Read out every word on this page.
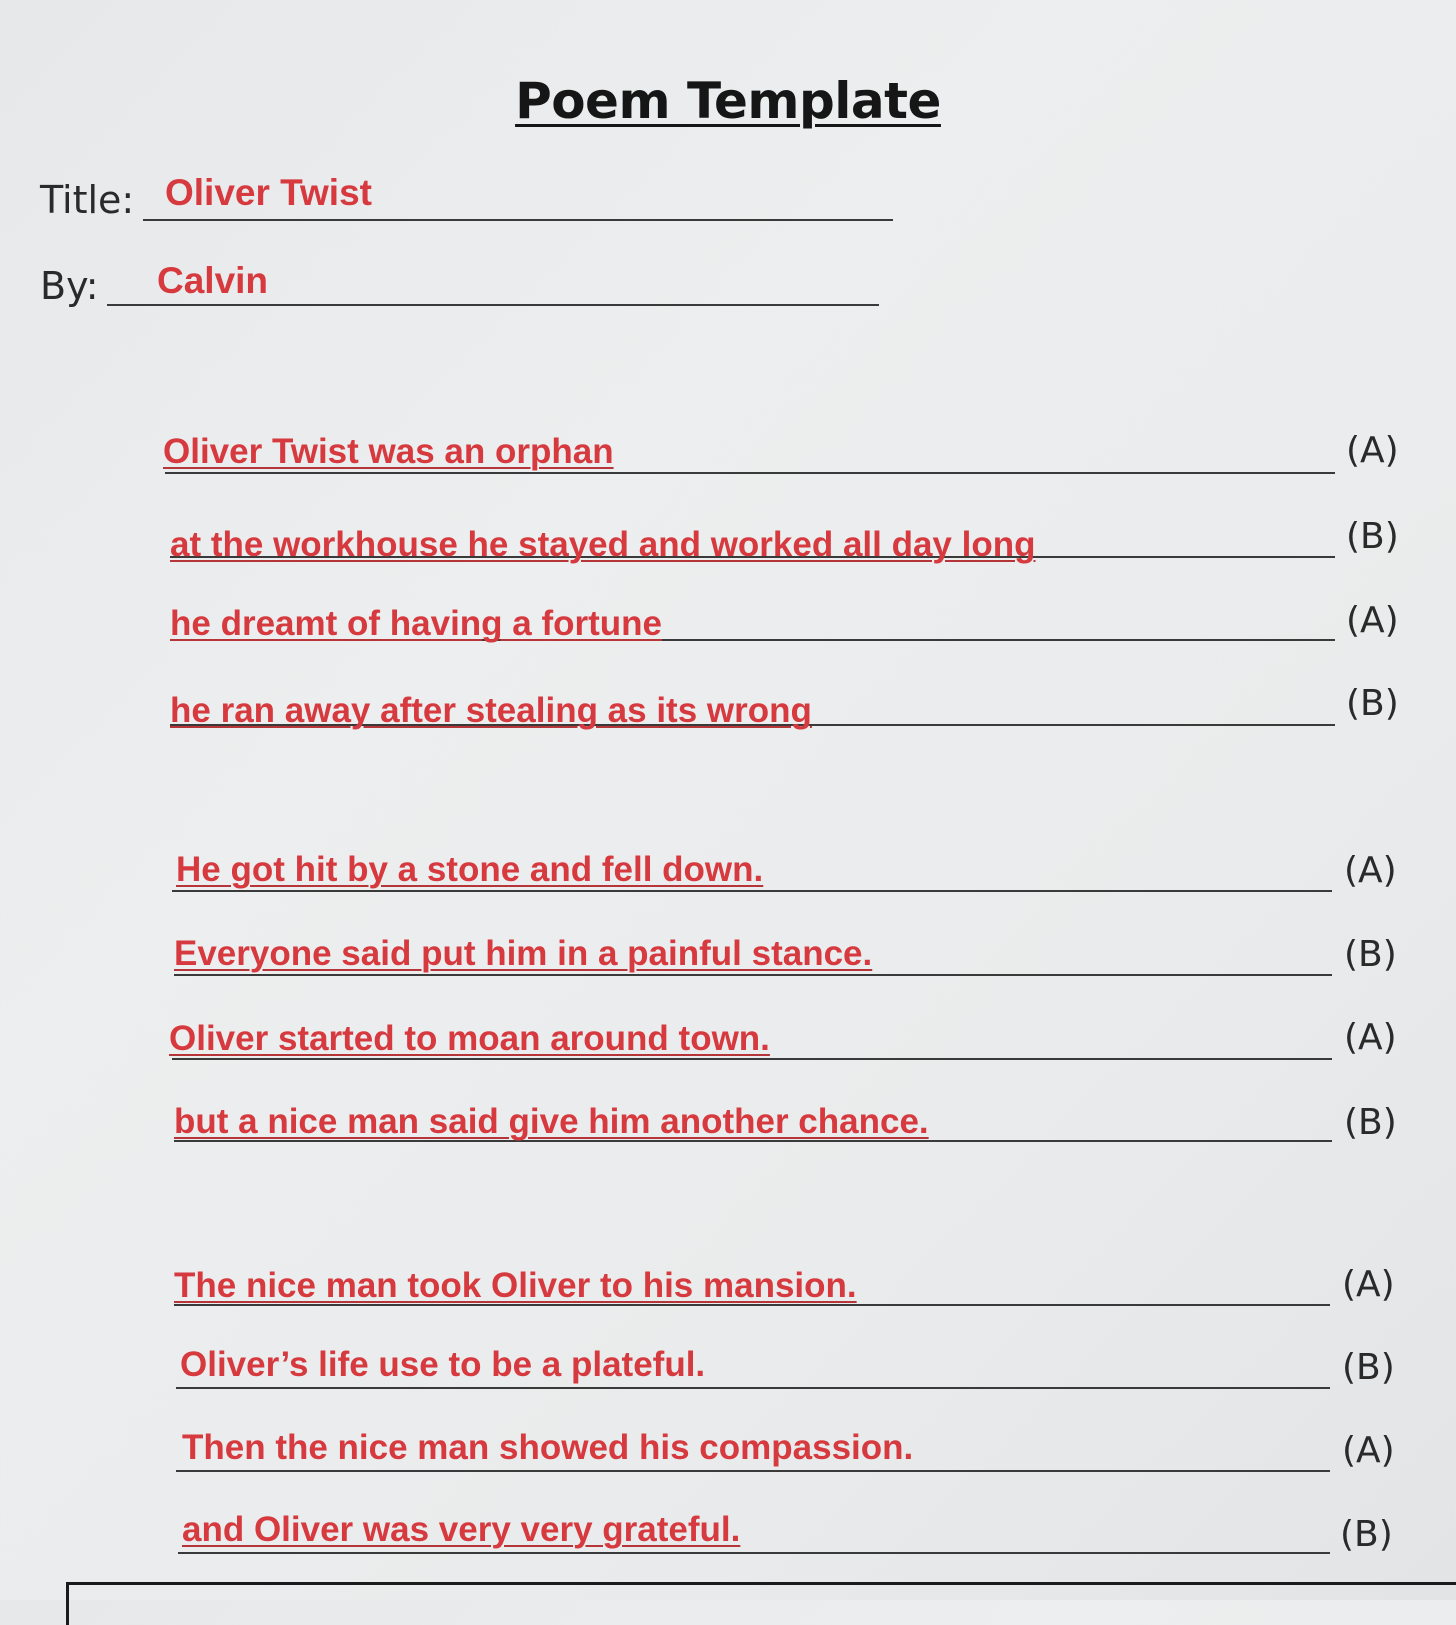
Poem Template
Title: Oliver Twist
By: Calvin
Oliver Twist was an orphan	(A)
at the workhouse he stayed and worked all day long	(B)
he dreamt of having a fortune	(A)
he ran away after stealing as its wrong	(B)
He got hit by a stone and fell down.	(A)
Everyone said put him in a painful stance.	(B)
Oliver started to moan around town.	(A)
but a nice man said give him another chance.	(B)
The nice man took Oliver to his mansion.	(A)
Oliver’s life use to be a plateful.	(B)
Then the nice man showed his compassion.	(A)
and Oliver was very very grateful.	(B)
